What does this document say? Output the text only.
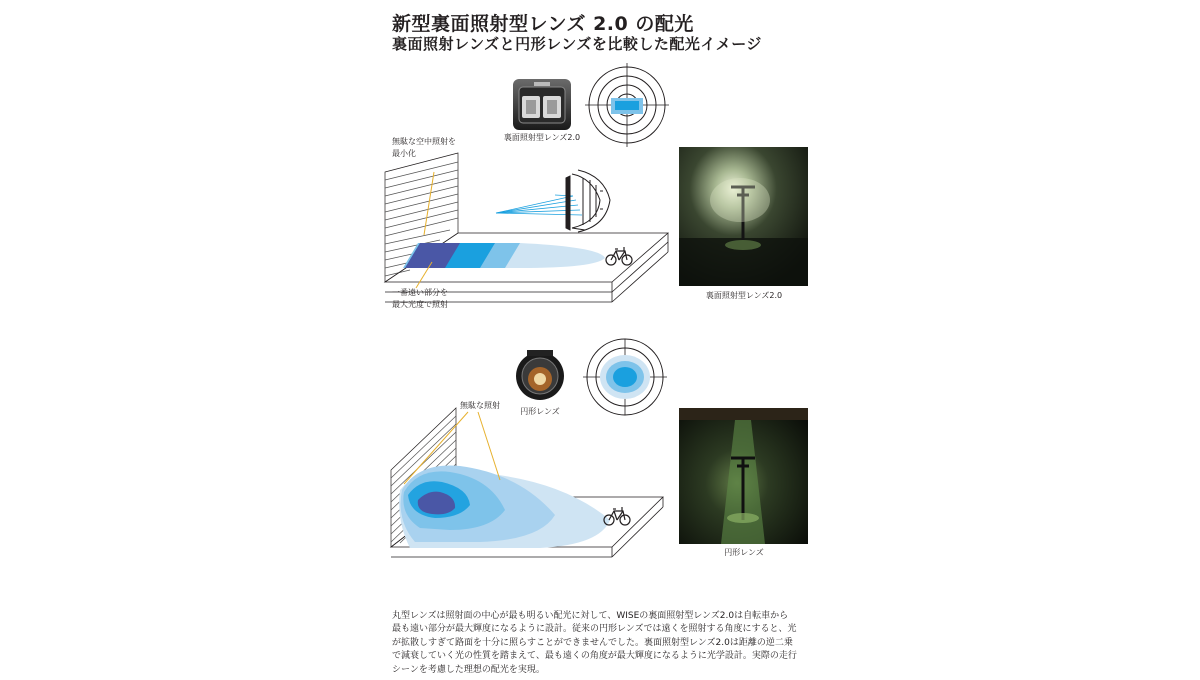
新型裏面照射型レンズ 2.0 の配光
裏面照射レンズと円形レンズを比較した配光イメージ
裏面照射型レンズ2.0
無駄な空中照射を
最小化
一番遠い部分を
最大光度で照射
裏面照射型レンズ2.0
円形レンズ
無駄な照射
円形レンズ

丸型レンズは照射面の中心が最も明るい配光に対して、WISEの裏面照射型レンズ2.0は自転車から

最も遠い部分が最大輝度になるように設計。従来の円形レンズでは遠くを照射する角度にすると、光

が拡散しすぎて路面を十分に照らすことができませんでした。裏面照射型レンズ2.0は距離の逆二乗

で減衰していく光の性質を踏まえて、最も遠くの角度が最大輝度になるように光学設計。実際の走行

シーンを考慮した理想の配光を実現。
